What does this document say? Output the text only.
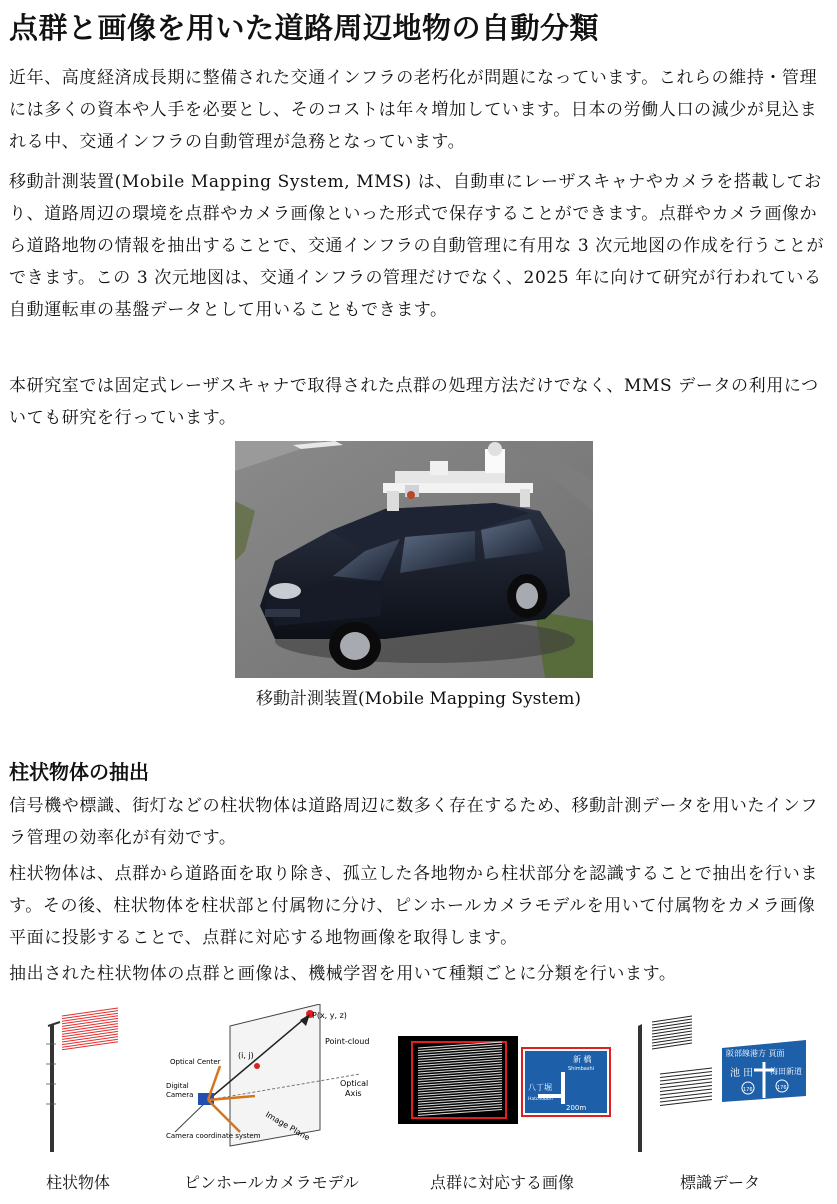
点群と画像を用いた道路周辺地物の自動分類

近年、高度経済成長期に整備された交通インフラの老朽化が問題になっています。これらの維持・管理には多くの資本や人手を必要とし、そのコストは年々増加しています。日本の労働人口の減少が見込まれる中、交通インフラの自動管理が急務となっています。

移動計測装置(Mobile Mapping System, MMS) は、自動車にレーザスキャナやカメラを搭載しており、道路周辺の環境を点群やカメラ画像といった形式で保存することができます。点群やカメラ画像から道路地物の情報を抽出することで、交通インフラの自動管理に有用な 3 次元地図の作成を行うことができます。この 3 次元地図は、交通インフラの管理だけでなく、2025 年に向けて研究が行われている自動運転車の基盤データとして用いることもできます。

本研究室では固定式レーザスキャナで取得された点群の処理方法だけでなく、MMS データの利用についても研究を行っています。

移動計測装置(Mobile Mapping System)
柱状物体の抽出

信号機や標識、街灯などの柱状物体は道路周辺に数多く存在するため、移動計測データを用いたインフラ管理の効率化が有効です。

柱状物体は、点群から道路面を取り除き、孤立した各地物から柱状部分を認識することで抽出を行います。その後、柱状物体を柱状部と付属物に分け、ピンホールカメラモデルを用いて付属物をカメラ画像平面に投影することで、点群に対応する地物画像を取得します。

抽出された柱状物体の点群と画像は、機械学習を用いて種類ごとに分類を行います。

P(x, y, z)
Point-cloud
Optical Center
(i, j)
Digital
Camera
Optical
Axis
Image Plane
Camera coordinate system
新 橋
Shimbashi
八丁堀
Hatchobori
200m
阪部線港方 頁面
池 田 梅田新道
176	176
柱状物体	ピンホールカメラモデル	点群に対応する画像	標識データ
